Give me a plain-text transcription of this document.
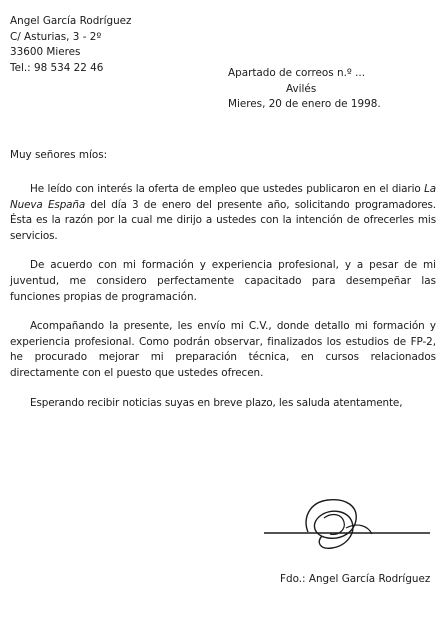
Angel García Rodríguez
C/ Asturias, 3 - 2º
33600 Mieres
Tel.: 98 534 22 46	Apartado de correos n.º ...
Avilés
Mieres, 20 de enero de 1998.
Muy señores míos:

He leído con interés la oferta de empleo que ustedes publicaron en el diario La Nueva España del día 3 de enero del presente año, solicitando programadores. Ésta es la razón por la cual me dirijo a ustedes con la intención de ofrecerles mis servicios.

De acuerdo con mi formación y experiencia profesional, y a pesar de mi juventud, me considero perfectamente capacitado para desempeñar las funciones propias de programación.

Acompañando la presente, les envío mi C.V., donde detallo mi formación y experiencia profesional. Como podrán observar, finalizados los estudios de FP-2, he procurado mejorar mi preparación técnica, en cursos relacionados directamente con el puesto que ustedes ofrecen.

Esperando recibir noticias suyas en breve plazo, les saluda atentamente,

Fdo.: Angel García Rodríguez
